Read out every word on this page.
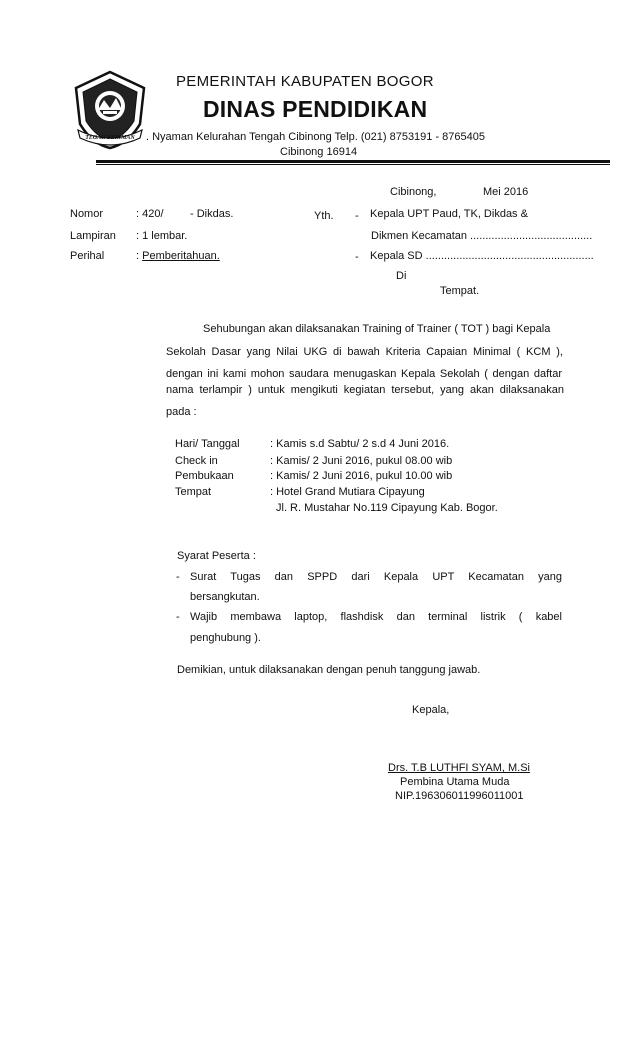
TEGAR BERIMAN
PEMERINTAH KABUPATEN BOGOR
DINAS PENDIDIKAN
. Nyaman Kelurahan Tengah Cibinong Telp. (021) 8753191 - 8765405
Cibinong 16914
Cibinong,	Mei 2016
Nomor	: 420/ - Dikdas.
Lampiran : 1 lembar.
Perihal	: Pemberitahuan.
Yth. - Kepala UPT Paud, TK, Dikdas &
Dikmen Kecamatan ........................................
- Kepala SD .......................................................
Di
Tempat.
Sehubungan akan dilaksanakan Training of Trainer ( TOT ) bagi Kepala
Sekolah Dasar yang Nilai UKG di bawah Kriteria Capaian Minimal ( KCM ),
dengan ini kami mohon saudara menugaskan Kepala Sekolah ( dengan daftar
nama terlampir ) untuk mengikuti kegiatan tersebut, yang akan dilaksanakan
pada :
Hari/ Tanggal	: Kamis s.d Sabtu/ 2 s.d 4 Juni 2016.
Check in	: Kamis/ 2 Juni 2016, pukul 08.00 wib
Pembukaan	: Kamis/ 2 Juni 2016, pukul 10.00 wib
Tempat	: Hotel Grand Mutiara Cipayung
Jl. R. Mustahar No.119 Cipayung Kab. Bogor.
Syarat Peserta :
- Surat Tugas dan SPPD dari Kepala UPT Kecamatan yang
bersangkutan.
- Wajib membawa laptop, flashdisk dan terminal listrik ( kabel
penghubung ).
Demikian, untuk dilaksanakan dengan penuh tanggung jawab.
Kepala,
Drs. T.B LUTHFI SYAM, M.Si
Pembina Utama Muda
NIP.196306011996011001
